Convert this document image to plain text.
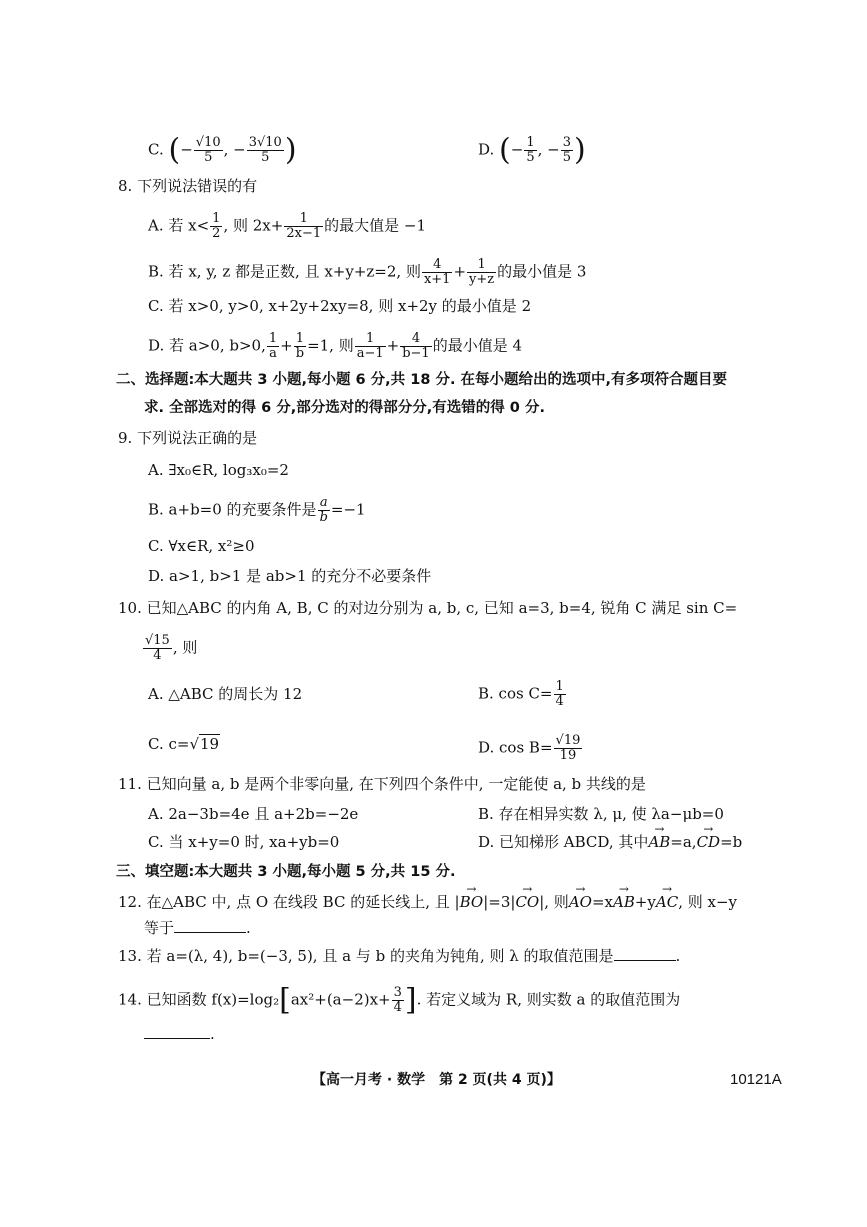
C. (− $\frac{√10}{5}$ , − $\frac{3√10}{5}$ )	D. (− $\frac{1}{5}$ , − $\frac{3}{5}$ )
8. 下列说法错误的有
A. 若 $x< \frac{1}{2}$ , 则 $2x+ \frac{1}{2x-1}$ 的最大值是 −1
B. 若 x, y, z 都是正数, 且 x+y+z=2, 则 $\frac{4}{x+1} + \frac{1}{y+z}$ 的最小值是 3
C. 若 x>0, y>0, x+2y+2xy=8, 则 x+2y 的最小值是 2
D. 若 a>0, b>0, $\frac{1}{a} + \frac{1}{b} =1$, 则 $\frac{1}{a-1} + \frac{4}{b-1}$ 的最小值是 4
二、选择题:本大题共 3 小题,每小题 6 分,共 18 分. 在每小题给出的选项中,有多项符合题目要
求. 全部选对的得 6 分,部分选对的得部分分,有选错的得 0 分.
9. 下列说法正确的是
A. ∃x₀∈R, log₃x₀=2
B. a+b=0 的充要条件是 $\frac{a}{b} =-1$
C. ∀x∈R, x²≥0
D. a>1, b>1 是 ab>1 的充分不必要条件
10. 已知△ABC 的内角 A, B, C 的对边分别为 a, b, c, 已知 a=3, b=4, 锐角 C 满足 sin C=
$\frac{√15}{4}$ , 则
A. △ABC 的周长为 12	B. $\cos C= \frac{1}{4}$
C. c=√19	D. $\cos B= \frac{√19}{19}$
11. 已知向量 a, b 是两个非零向量, 在下列四个条件中, 一定能使 a, b 共线的是
A. 2a−3b=4e 且 a+2b=−2e	B. 存在相异实数 λ, μ, 使 λa−μb=0
C. 当 x+y=0 时, xa+yb=0	D. 已知梯形 ABCD, 其中→ AB=a,→ CD=b
三、填空题:本大题共 3 小题,每小题 5 分,共 15 分.
12. 在△ABC 中, 点 O 在线段 BC 的延长线上, 且 |→ BO|=3|→ CO|, 则→ AO=x→ AB+y→ AC, 则 x−y
等于	.
13. 若 a=(λ, 4), b=(−3, 5), 且 a 与 b 的夹角为钝角, 则 λ 的取值范围是	.
14. 已知函数 $f(x)=\log_2[ax^2+(a-2)x+ \frac{3}{4}$ ]. 若定义域为 R, 则实数 a 的取值范围为
.
【高一月考 · 数学　第 2 页(共 4 页)】	10121A
